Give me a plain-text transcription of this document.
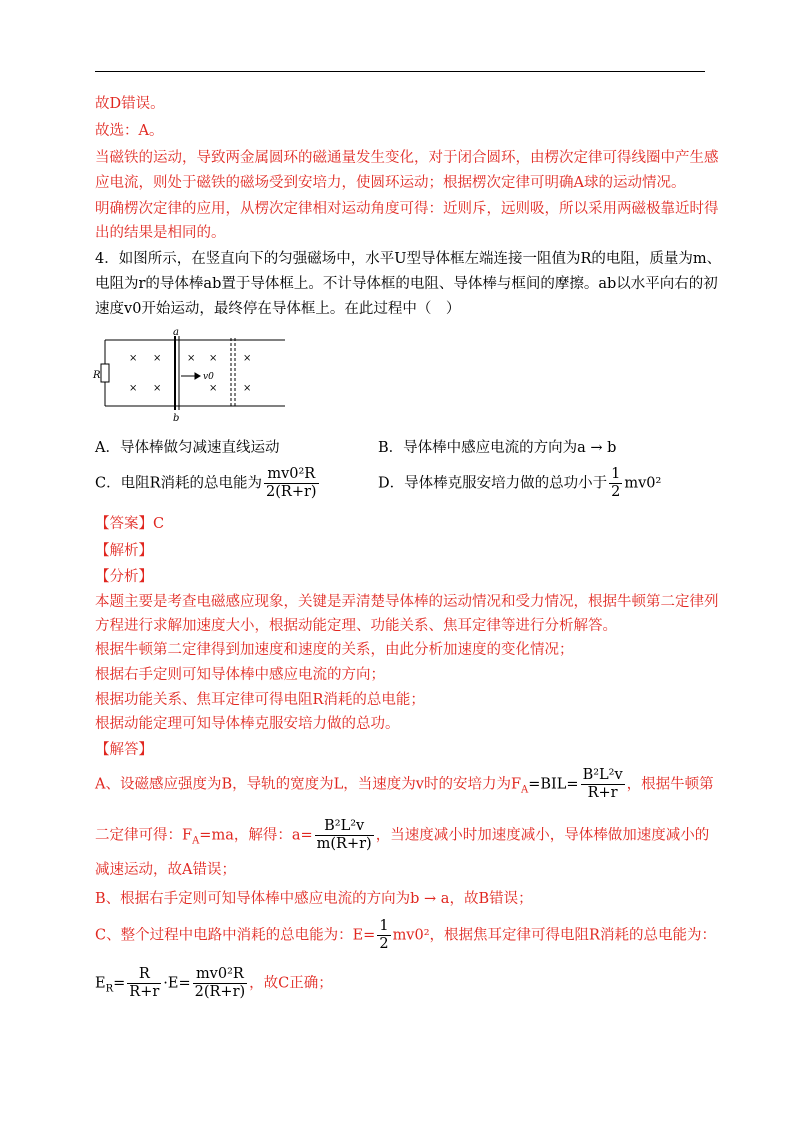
故D错误。
故选：A。
当磁铁的运动，导致两金属圆环的磁通量发生变化，对于闭合圆环，由楞次定律可得线圈中产生感
应电流，则处于磁铁的磁场受到安培力，使圆环运动；根据楞次定律可明确A球的运动情况。
明确楞次定律的应用，从楞次定律相对运动角度可得：近则斥，远则吸，所以采用两磁极靠近时得
出的结果是相同的。
4．如图所示，在竖直向下的匀强磁场中，水平U型导体框左端连接一阻值为R的电阻，质量为m、
电阻为r的导体棒ab置于导体框上。不计导体框的电阻、导体棒与框间的摩擦。ab以水平向右的初
速度v0开始运动，最终停在导体框上。在此过程中（　）
a
b
R	v0
× ×
× ×
× ×
×
×
×
A．导体棒做匀减速直线运动	B．导体棒中感应电流的方向为a → b
C．电阻R消耗的总电能为 $\frac{\text{mv0²R}}{2(R+r)}$	D．导体棒克服安培力做的总功小于 $\frac{1}{2} mv0^2$
【答案】C
【解析】
【分析】
本题主要是考查电磁感应现象，关键是弄清楚导体棒的运动情况和受力情况，根据牛顿第二定律列
方程进行求解加速度大小，根据动能定理、功能关系、焦耳定律等进行分析解答。
根据牛顿第二定律得到加速度和速度的关系，由此分析加速度的变化情况；
根据右手定则可知导体棒中感应电流的方向；
根据功能关系、焦耳定律可得电阻R消耗的总电能；
根据动能定理可知导体棒克服安培力做的总功。
【解答】
A、设磁感应强度为B，导轨的宽度为L，当速度为v时的安培力为$F_A=BIL= \frac{\text{B²L²v}}{R+r}$ ，根据牛顿第
二定律可得：$F_A=ma$，解得：$a= \frac{\text{B²L²v}}{m(R+r)}$ ，当速度减小时加速度减小，导体棒做加速度减小的
减速运动，故A错误；
B、根据右手定则可知导体棒中感应电流的方向为b → a，故B错误；
C、整个过程中电路中消耗的总电能为：$E= \frac{1}{2} mv0^2$，根据焦耳定律可得电阻R消耗的总电能为：
$E_R= \frac{R}{R+r} \cdot E= \frac{\text{mv0²R}}{2(R+r)}$ ，故C正确；
